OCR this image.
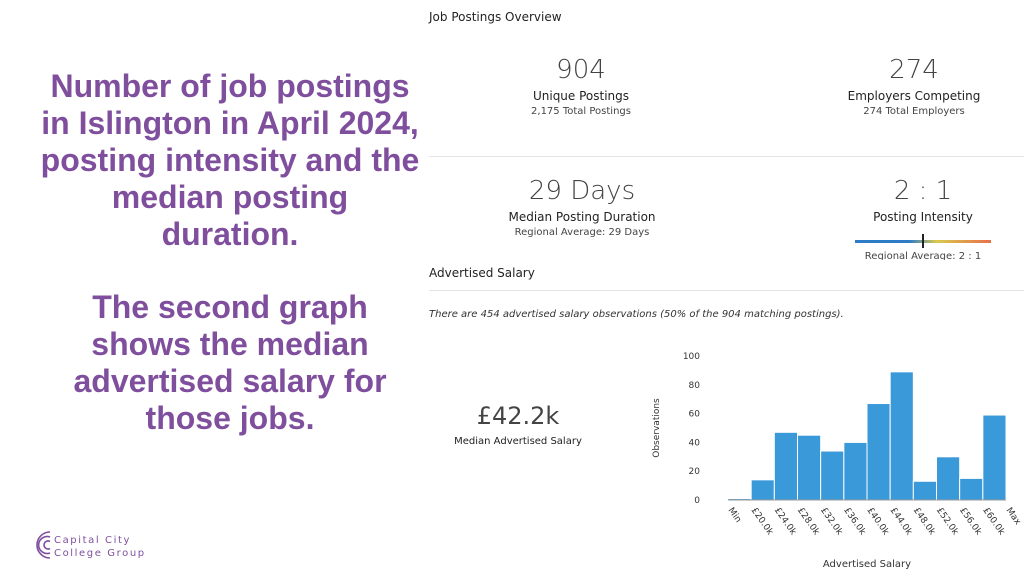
Number of job postings in Islington in April 2024, posting intensity and the median posting duration.

The second graph shows the median advertised salary for those jobs.

Capital City
College Group
Job Postings Overview
904
Unique Postings
2,175 Total Postings
274
Employers Competing
274 Total Employers
29 Days
Median Posting Duration
Regional Average: 29 Days
2 : 1
Posting Intensity
Regional Average: 2 : 1
Advertised Salary
There are 454 advertised salary observations (50% of the 904 matching postings).
£42.2k
Median Advertised Salary
0
20
40
60
80
100
Min £20.0k
£24.0k
£28.0k
£32.0k
£36.0k
£40.0k
£44.0k
£48.0k
£52.0k
£56.0k
£60.0k
Max
Observations
Advertised Salary
